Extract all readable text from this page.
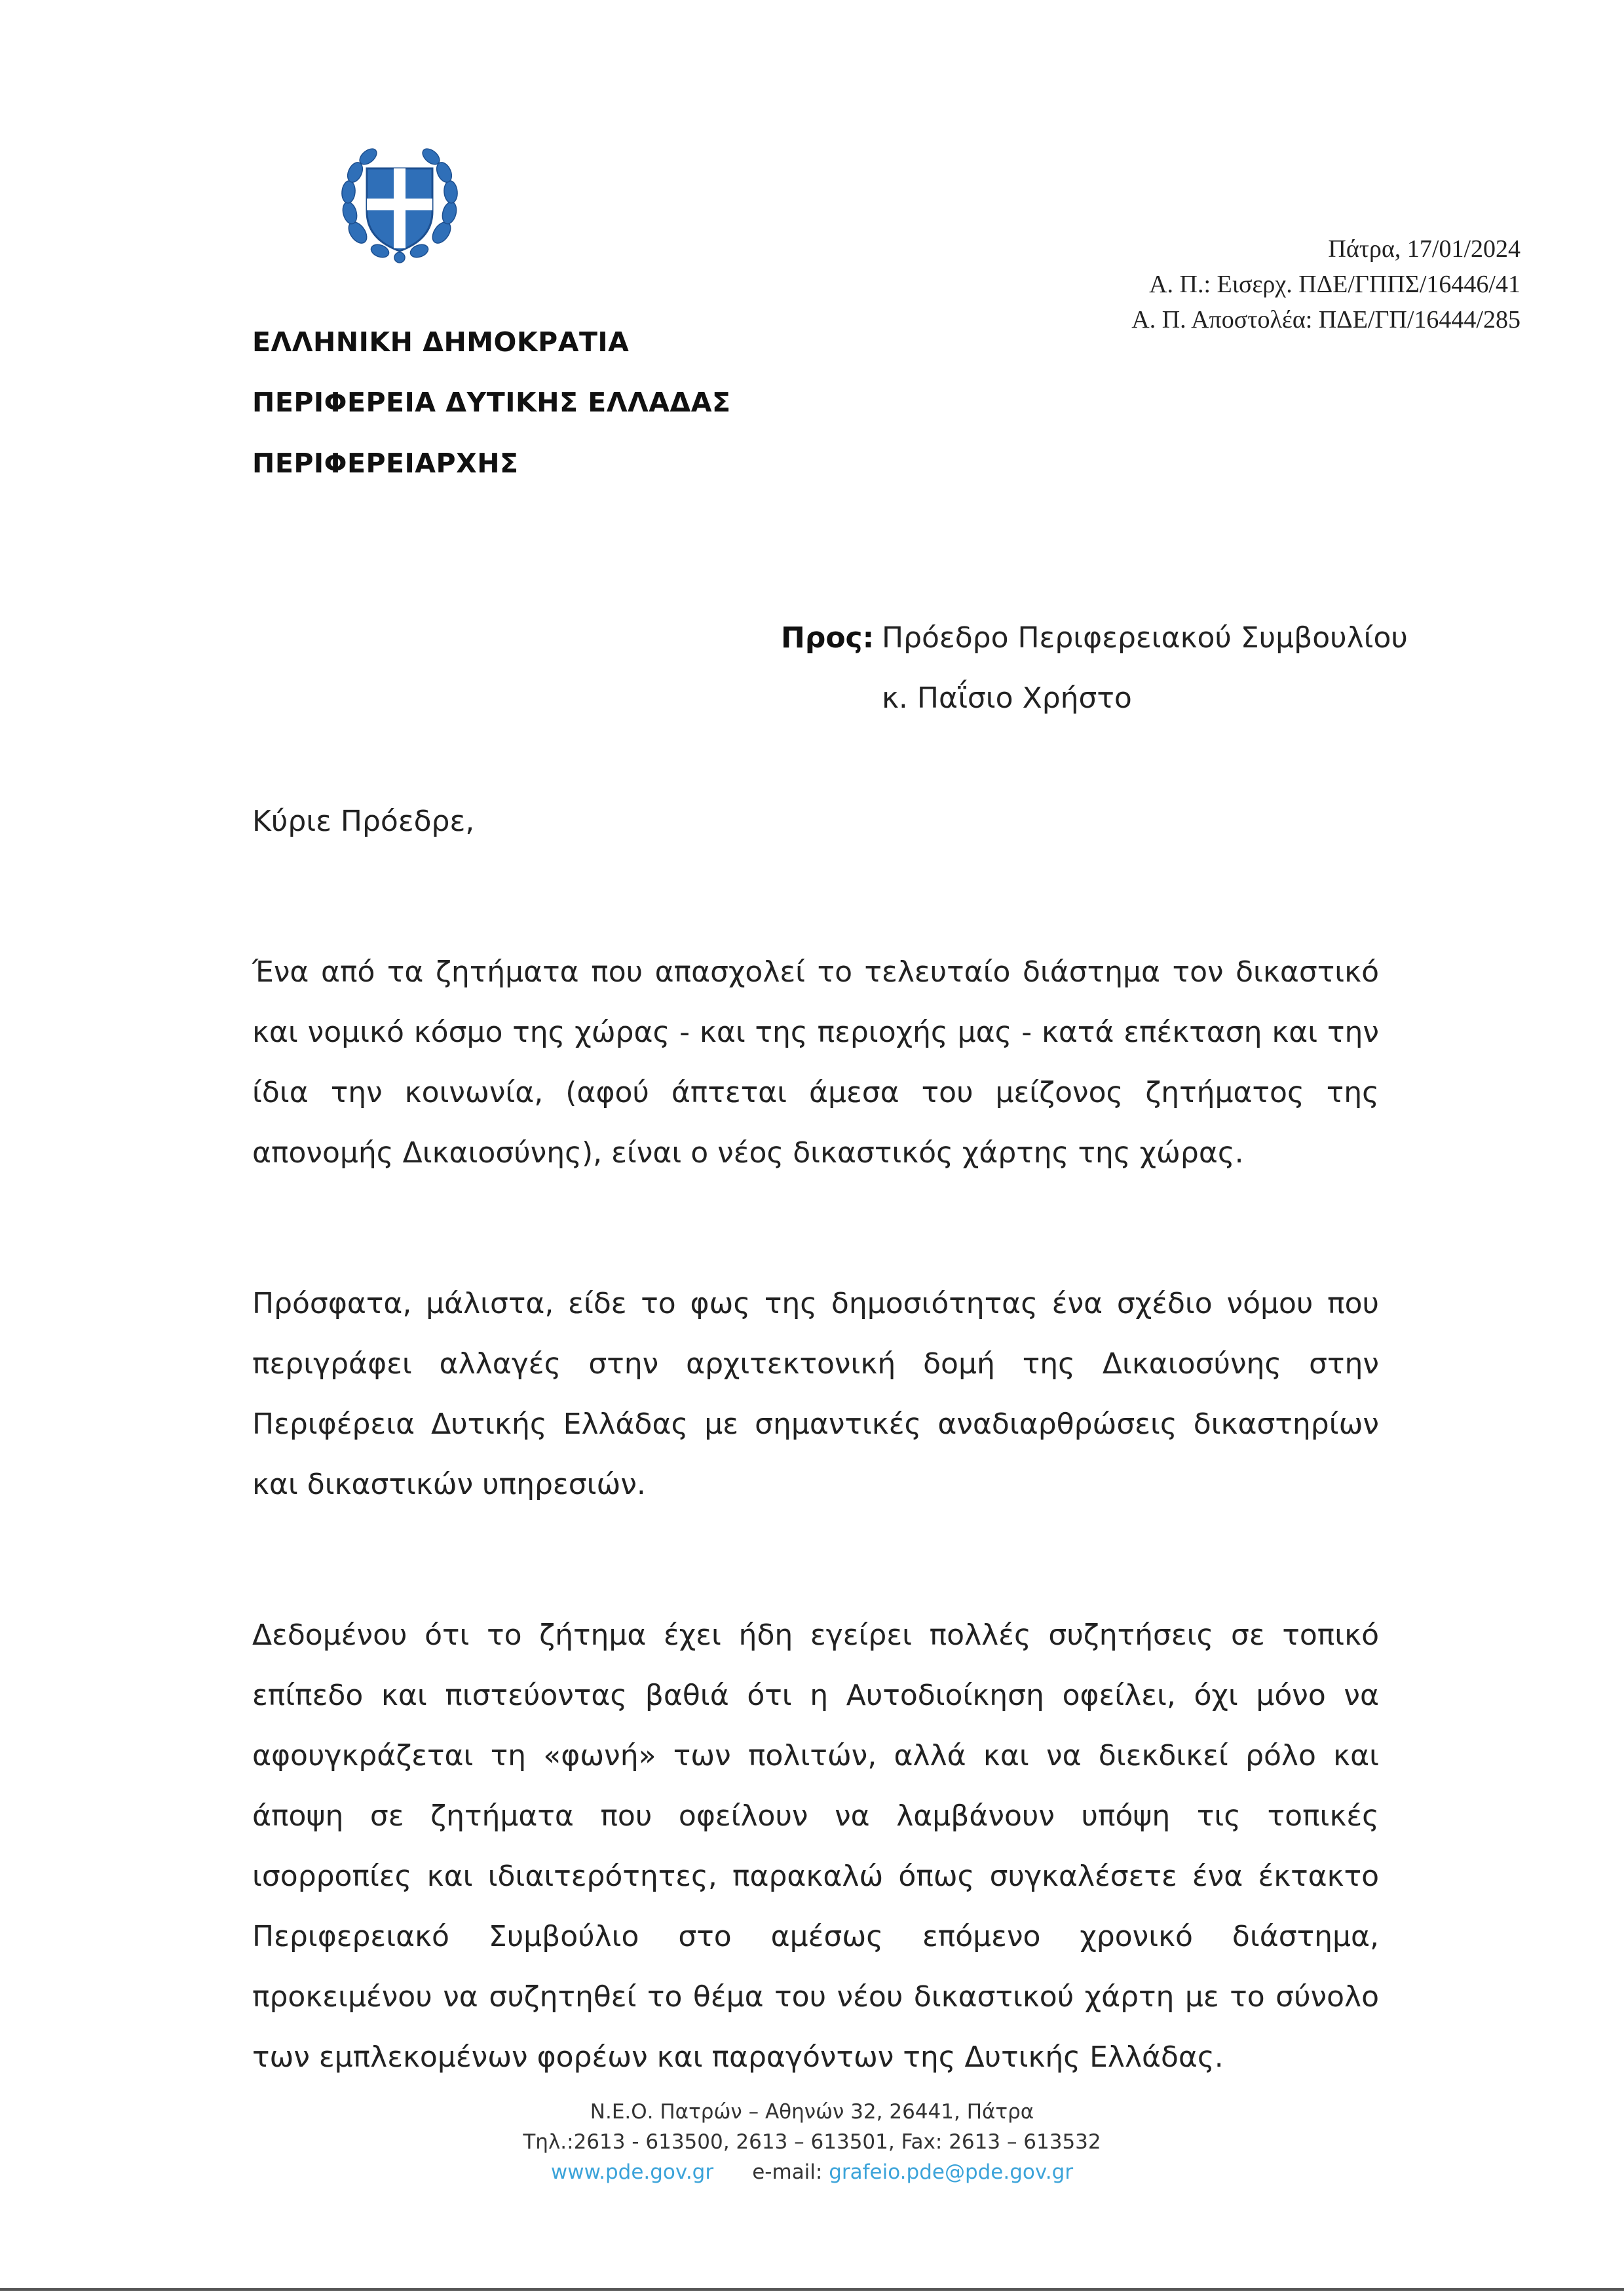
ΕΛΛΗΝΙΚΗ ΔΗΜΟΚΡΑΤΙΑ
ΠΕΡΙΦΕΡΕΙΑ ΔΥΤΙΚΗΣ ΕΛΛΑΔΑΣ
ΠΕΡΙΦΕΡΕΙΑΡΧΗΣ
Πάτρα, 17/01/2024
Α. Π.: Εισερχ. ΠΔΕ/ΓΠΠΣ/16446/41
Α. Π. Αποστολέα: ΠΔΕ/ΓΠ/16444/285
Προς: Πρόεδρο Περιφερειακού Συμβουλίου
κ. Παΐσιο Χρήστο
Κύριε Πρόεδρε,
Ένα από τα ζητήματα που απασχολεί το τελευταίο διάστημα τον δικαστικό και νομικό κόσμο της χώρας - και της περιοχής μας - κατά επέκταση και την ίδια την κοινωνία, (αφού άπτεται άμεσα του μείζονος ζητήματος της απονομής Δικαιοσύνης), είναι ο νέος δικαστικός χάρτης της χώρας.
Πρόσφατα, μάλιστα, είδε το φως της δημοσιότητας ένα σχέδιο νόμου που περιγράφει αλλαγές στην αρχιτεκτονική δομή της Δικαιοσύνης στην Περιφέρεια Δυτικής Ελλάδας με σημαντικές αναδιαρθρώσεις δικαστηρίων και δικαστικών υπηρεσιών.
Δεδομένου ότι το ζήτημα έχει ήδη εγείρει πολλές συζητήσεις σε τοπικό επίπεδο και πιστεύοντας βαθιά ότι η Αυτοδιοίκηση οφείλει, όχι μόνο να αφουγκράζεται τη «φωνή» των πολιτών, αλλά και να διεκδικεί ρόλο και άποψη σε ζητήματα που οφείλουν να λαμβάνουν υπόψη τις τοπικές ισορροπίες και ιδιαιτερότητες, παρακαλώ όπως συγκαλέσετε ένα έκτακτο Περιφερειακό Συμβούλιο στο αμέσως επόμενο χρονικό διάστημα, προκειμένου να συζητηθεί το θέμα του νέου δικαστικού χάρτη με το σύνολο των εμπλεκομένων φορέων και παραγόντων της Δυτικής Ελλάδας.
Ν.Ε.Ο. Πατρών – Αθηνών 32, 26441, Πάτρα
Τηλ.:2613 - 613500, 2613 – 613501, Fax: 2613 – 613532
www.pde.gov.gr e-mail: grafeio.pde@pde.gov.gr
